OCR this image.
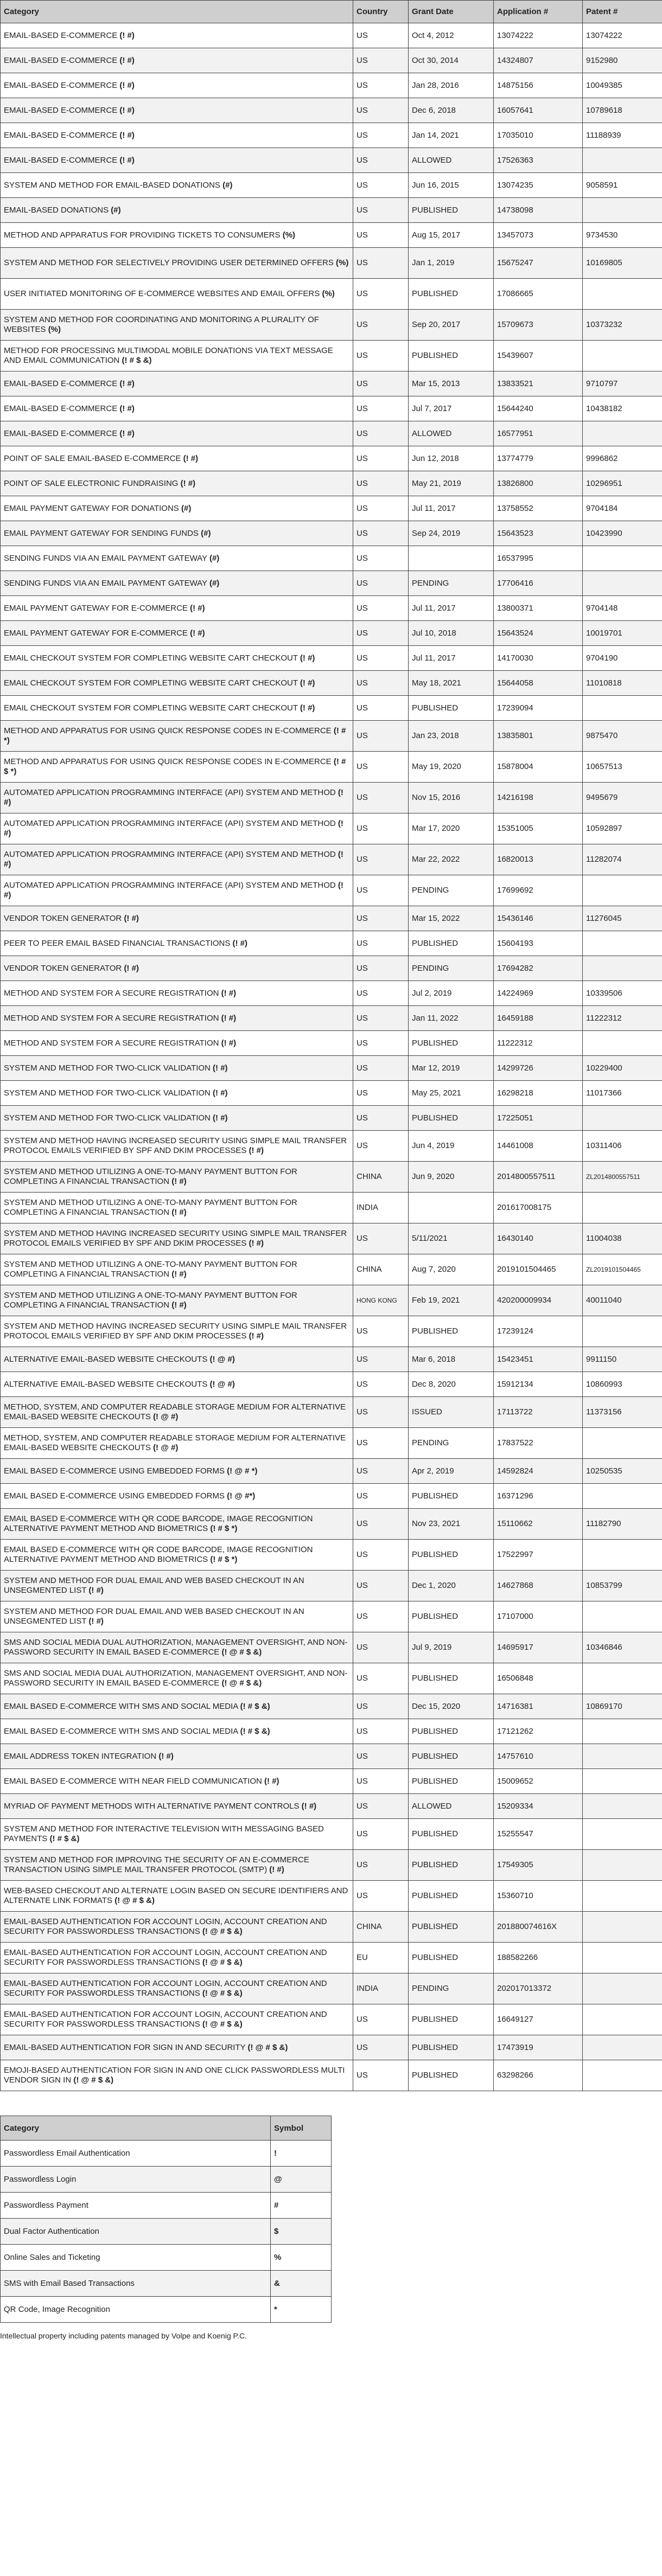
Category	Country	Grant Date	Application #	Patent #
EMAIL-BASED E-COMMERCE (! #)	US	Oct 4, 2012	13074222	13074222
EMAIL-BASED E-COMMERCE (! #)	US	Oct 30, 2014	14324807	9152980
EMAIL-BASED E-COMMERCE (! #)	US	Jan 28, 2016	14875156	10049385
EMAIL-BASED E-COMMERCE (! #)	US	Dec 6, 2018	16057641	10789618
EMAIL-BASED E-COMMERCE (! #)	US	Jan 14, 2021	17035010	11188939
EMAIL-BASED E-COMMERCE (! #)	US	ALLOWED	17526363	
SYSTEM AND METHOD FOR EMAIL-BASED DONATIONS (#)	US	Jun 16, 2015	13074235	9058591
EMAIL-BASED DONATIONS (#)	US	PUBLISHED	14738098	
METHOD AND APPARATUS FOR PROVIDING TICKETS TO CONSUMERS (%)	US	Aug 15, 2017	13457073	9734530
SYSTEM AND METHOD FOR SELECTIVELY PROVIDING USER DETERMINED OFFERS (%)	US	Jan 1, 2019	15675247	10169805
USER INITIATED MONITORING OF E-COMMERCE WEBSITES AND EMAIL OFFERS (%)	US	PUBLISHED	17086665	
SYSTEM AND METHOD FOR COORDINATING AND MONITORING A PLURALITY OF WEBSITES (%)	US	Sep 20, 2017	15709673	10373232
METHOD FOR PROCESSING MULTIMODAL MOBILE DONATIONS VIA TEXT MESSAGE AND EMAIL COMMUNICATION (! # $ &)	US	PUBLISHED	15439607	
EMAIL-BASED E-COMMERCE (! #)	US	Mar 15, 2013	13833521	9710797
EMAIL-BASED E-COMMERCE (! #)	US	Jul 7, 2017	15644240	10438182
EMAIL-BASED E-COMMERCE (! #)	US	ALLOWED	16577951	
POINT OF SALE EMAIL-BASED E-COMMERCE (! #)	US	Jun 12, 2018	13774779	9996862
POINT OF SALE ELECTRONIC FUNDRAISING (! #)	US	May 21, 2019	13826800	10296951
EMAIL PAYMENT GATEWAY FOR DONATIONS (#)	US	Jul 11, 2017	13758552	9704184
EMAIL PAYMENT GATEWAY FOR SENDING FUNDS (#)	US	Sep 24, 2019	15643523	10423990
SENDING FUNDS VIA AN EMAIL PAYMENT GATEWAY (#)	US		16537995	
SENDING FUNDS VIA AN EMAIL PAYMENT GATEWAY (#)	US	PENDING	17706416	
EMAIL PAYMENT GATEWAY FOR E-COMMERCE (! #)	US	Jul 11, 2017	13800371	9704148
EMAIL PAYMENT GATEWAY FOR E-COMMERCE (! #)	US	Jul 10, 2018	15643524	10019701
EMAIL CHECKOUT SYSTEM FOR COMPLETING WEBSITE CART CHECKOUT (! #)	US	Jul 11, 2017	14170030	9704190
EMAIL CHECKOUT SYSTEM FOR COMPLETING WEBSITE CART CHECKOUT (! #)	US	May 18, 2021	15644058	11010818
EMAIL CHECKOUT SYSTEM FOR COMPLETING WEBSITE CART CHECKOUT (! #)	US	PUBLISHED	17239094	
METHOD AND APPARATUS FOR USING QUICK RESPONSE CODES IN E-COMMERCE (! # *)	US	Jan 23, 2018	13835801	9875470
METHOD AND APPARATUS FOR USING QUICK RESPONSE CODES IN E-COMMERCE (! # $ *)	US	May 19, 2020	15878004	10657513
AUTOMATED APPLICATION PROGRAMMING INTERFACE (API) SYSTEM AND METHOD (! #)	US	Nov 15, 2016	14216198	9495679
AUTOMATED APPLICATION PROGRAMMING INTERFACE (API) SYSTEM AND METHOD (! #)	US	Mar 17, 2020	15351005	10592897
AUTOMATED APPLICATION PROGRAMMING INTERFACE (API) SYSTEM AND METHOD (! #)	US	Mar 22, 2022	16820013	11282074
AUTOMATED APPLICATION PROGRAMMING INTERFACE (API) SYSTEM AND METHOD (! #)	US	PENDING	17699692	
VENDOR TOKEN GENERATOR (! #)	US	Mar 15, 2022	15436146	11276045
PEER TO PEER EMAIL BASED FINANCIAL TRANSACTIONS (! #)	US	PUBLISHED	15604193	
VENDOR TOKEN GENERATOR (! #)	US	PENDING	17694282	
METHOD AND SYSTEM FOR A SECURE REGISTRATION (! #)	US	Jul 2, 2019	14224969	10339506
METHOD AND SYSTEM FOR A SECURE REGISTRATION (! #)	US	Jan 11, 2022	16459188	11222312
METHOD AND SYSTEM FOR A SECURE REGISTRATION (! #)	US	PUBLISHED	11222312	
SYSTEM AND METHOD FOR TWO-CLICK VALIDATION (! #)	US	Mar 12, 2019	14299726	10229400
SYSTEM AND METHOD FOR TWO-CLICK VALIDATION (! #)	US	May 25, 2021	16298218	11017366
SYSTEM AND METHOD FOR TWO-CLICK VALIDATION (! #)	US	PUBLISHED	17225051	
SYSTEM AND METHOD HAVING INCREASED SECURITY USING SIMPLE MAIL TRANSFER PROTOCOL EMAILS VERIFIED BY SPF AND DKIM PROCESSES (! #)	US	Jun 4, 2019	14461008	10311406
SYSTEM AND METHOD UTILIZING A ONE-TO-MANY PAYMENT BUTTON FOR COMPLETING A FINANCIAL TRANSACTION (! #)	CHINA	Jun 9, 2020	2014800557511	ZL2014800557511
SYSTEM AND METHOD UTILIZING A ONE-TO-MANY PAYMENT BUTTON FOR COMPLETING A FINANCIAL TRANSACTION (! #)	INDIA		201617008175	
SYSTEM AND METHOD HAVING INCREASED SECURITY USING SIMPLE MAIL TRANSFER PROTOCOL EMAILS VERIFIED BY SPF AND DKIM PROCESSES (! #)	US	5/11/2021	16430140	11004038
SYSTEM AND METHOD UTILIZING A ONE-TO-MANY PAYMENT BUTTON FOR COMPLETING A FINANCIAL TRANSACTION (! #)	CHINA	Aug 7, 2020	2019101504465	ZL2019101504465
SYSTEM AND METHOD UTILIZING A ONE-TO-MANY PAYMENT BUTTON FOR COMPLETING A FINANCIAL TRANSACTION (! #)	HONG KONG	Feb 19, 2021	420200009934	40011040
SYSTEM AND METHOD HAVING INCREASED SECURITY USING SIMPLE MAIL TRANSFER PROTOCOL EMAILS VERIFIED BY SPF AND DKIM PROCESSES (! #)	US	PUBLISHED	17239124	
ALTERNATIVE EMAIL-BASED WEBSITE CHECKOUTS (! @ #)	US	Mar 6, 2018	15423451	9911150
ALTERNATIVE EMAIL-BASED WEBSITE CHECKOUTS (! @ #)	US	Dec 8, 2020	15912134	10860993
METHOD, SYSTEM, AND COMPUTER READABLE STORAGE MEDIUM FOR ALTERNATIVE EMAIL-BASED WEBSITE CHECKOUTS (! @ #)	US	ISSUED	17113722	11373156
METHOD, SYSTEM, AND COMPUTER READABLE STORAGE MEDIUM FOR ALTERNATIVE EMAIL-BASED WEBSITE CHECKOUTS (! @ #)	US	PENDING	17837522	
EMAIL BASED E-COMMERCE USING EMBEDDED FORMS (! @ # *)	US	Apr 2, 2019	14592824	10250535
EMAIL BASED E-COMMERCE USING EMBEDDED FORMS (! @ #*)	US	PUBLISHED	16371296	
EMAIL BASED E-COMMERCE WITH QR CODE BARCODE, IMAGE RECOGNITION ALTERNATIVE PAYMENT METHOD AND BIOMETRICS (! # $ *)	US	Nov 23, 2021	15110662	11182790
EMAIL BASED E-COMMERCE WITH QR CODE BARCODE, IMAGE RECOGNITION ALTERNATIVE PAYMENT METHOD AND BIOMETRICS (! # $ *)	US	PUBLISHED	17522997	
SYSTEM AND METHOD FOR DUAL EMAIL AND WEB BASED CHECKOUT IN AN UNSEGMENTED LIST (! #)	US	Dec 1, 2020	14627868	10853799
SYSTEM AND METHOD FOR DUAL EMAIL AND WEB BASED CHECKOUT IN AN UNSEGMENTED LIST (! #)	US	PUBLISHED	17107000	
SMS AND SOCIAL MEDIA DUAL AUTHORIZATION, MANAGEMENT OVERSIGHT, AND NON-PASSWORD SECURITY IN EMAIL BASED E-COMMERCE (! @ # $ &)	US	Jul 9, 2019	14695917	10346846
SMS AND SOCIAL MEDIA DUAL AUTHORIZATION, MANAGEMENT OVERSIGHT, AND NON-PASSWORD SECURITY IN EMAIL BASED E-COMMERCE (! @ # $ &)	US	PUBLISHED	16506848	
EMAIL BASED E-COMMERCE WITH SMS AND SOCIAL MEDIA (! # $ &)	US	Dec 15, 2020	14716381	10869170
EMAIL BASED E-COMMERCE WITH SMS AND SOCIAL MEDIA (! # $ &)	US	PUBLISHED	17121262	
EMAIL ADDRESS TOKEN INTEGRATION (! #)	US	PUBLISHED	14757610	
EMAIL BASED E-COMMERCE WITH NEAR FIELD COMMUNICATION (! #)	US	PUBLISHED	15009652	
MYRIAD OF PAYMENT METHODS WITH ALTERNATIVE PAYMENT CONTROLS (! #)	US	ALLOWED	15209334	
SYSTEM AND METHOD FOR INTERACTIVE TELEVISION WITH MESSAGING BASED PAYMENTS (! # $ &)	US	PUBLISHED	15255547	
SYSTEM AND METHOD FOR IMPROVING THE SECURITY OF AN E-COMMERCE TRANSACTION USING SIMPLE MAIL TRANSFER PROTOCOL (SMTP) (! #)	US	PUBLISHED	17549305	
WEB-BASED CHECKOUT AND ALTERNATE LOGIN BASED ON SECURE IDENTIFIERS AND ALTERNATE LINK FORMATS (! @ # $ &)	US	PUBLISHED	15360710	
EMAIL-BASED AUTHENTICATION FOR ACCOUNT LOGIN, ACCOUNT CREATION AND SECURITY FOR PASSWORDLESS TRANSACTIONS (! @ # $ &)	CHINA	PUBLISHED	201880074616X	
EMAIL-BASED AUTHENTICATION FOR ACCOUNT LOGIN, ACCOUNT CREATION AND SECURITY FOR PASSWORDLESS TRANSACTIONS (! @ # $ &)	EU	PUBLISHED	188582266	
EMAIL-BASED AUTHENTICATION FOR ACCOUNT LOGIN, ACCOUNT CREATION AND SECURITY FOR PASSWORDLESS TRANSACTIONS (! @ # $ &)	INDIA	PENDING	202017013372	
EMAIL-BASED AUTHENTICATION FOR ACCOUNT LOGIN, ACCOUNT CREATION AND SECURITY FOR PASSWORDLESS TRANSACTIONS (! @ # $ &)	US	PUBLISHED	16649127	
EMAIL-BASED AUTHENTICATION FOR SIGN IN AND SECURITY (! @ # $ &)	US	PUBLISHED	17473919	
EMOJI-BASED AUTHENTICATION FOR SIGN IN AND ONE CLICK PASSWORDLESS MULTI VENDOR SIGN IN (! @ # $ &)	US	PUBLISHED	63298266	
Category	Symbol
Passwordless Email Authentication	!
Passwordless Login	@
Passwordless Payment	#
Dual Factor Authentication	$
Online Sales and Ticketing	%
SMS with Email Based Transactions	&
QR Code, Image Recognition	*
Intellectual property including patents managed by Volpe and Koenig P.C.
